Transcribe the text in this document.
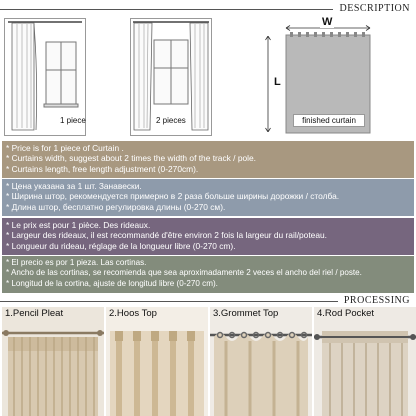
DESCRIPTION
1 piece	2 pieces
W
L
finished curtain
* Price is for 1 piece of Curtain .
* Curtains width, suggest about 2 times the width of the track / pole.
* Curtains length, free length adjustment (0-270cm).
* Цена указана за 1 шт. Занавески.
* Ширина штор, рекомендуется примерно в 2 раза больше ширины дорожки / столба.
* Длина штор, бесплатно регулировка длины (0-270 см).
* Le prix est pour 1 pièce. Des rideaux.
* Largeur des rideaux, il est recommandé d'être environ 2 fois la largeur du rail/poteau.
* Longueur du rideau, réglage de la longueur libre (0-270 cm).
* El precio es por 1 pieza. Las cortinas.
* Ancho de las cortinas, se recomienda que sea aproximadamente 2 veces el ancho del riel / poste.
* Longitud de la cortina, ajuste de longitud libre (0-270 cm).
PROCESSING
1.Pencil Pleat	2.Hoos Top	3.Grommet Top	4.Rod Pocket
